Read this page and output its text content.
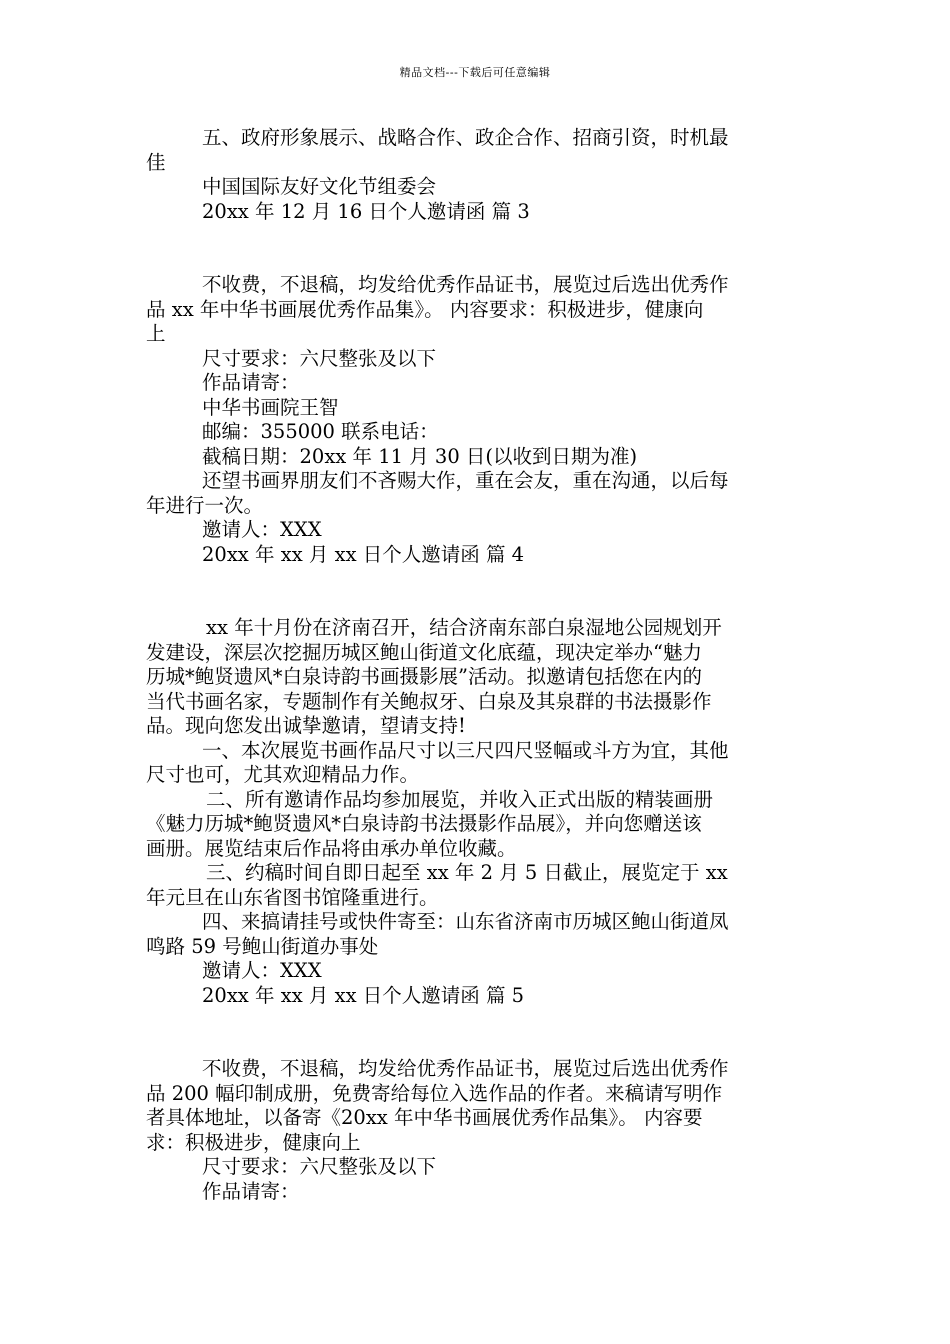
精品文档---下载后可任意编辑
五、政府形象展示、战略合作、政企合作、招商引资，时机最
佳
中国国际友好文化节组委会
20xx 年 12 月 16 日个人邀请函 篇 3
不收费，不退稿，均发给优秀作品证书，展览过后选出优秀作
品 xx 年中华书画展优秀作品集》。 内容要求：积极进步，健康向
上
尺寸要求：六尺整张及以下
作品请寄：
中华书画院王智
邮编：355000 联系电话：
截稿日期：20xx 年 11 月 30 日(以收到日期为准)
还望书画界朋友们不吝赐大作，重在会友，重在沟通，以后每
年进行一次。
邀请人：XXX
20xx 年 xx 月 xx 日个人邀请函 篇 4
xx 年十月份在济南召开，结合济南东部白泉湿地公园规划开
发建设，深层次挖掘历城区鲍山街道文化底蕴，现决定举办“魅力
历城*鲍贤遗风*白泉诗韵书画摄影展”活动。拟邀请包括您在内的
当代书画名家，专题制作有关鲍叔牙、白泉及其泉群的书法摄影作
品。现向您发出诚挚邀请，望请支持!
一、本次展览书画作品尺寸以三尺四尺竖幅或斗方为宜，其他
尺寸也可，尤其欢迎精品力作。
二、所有邀请作品均参加展览，并收入正式出版的精装画册
《魅力历城*鲍贤遗风*白泉诗韵书法摄影作品展》，并向您赠送该
画册。展览结束后作品将由承办单位收藏。
三、约稿时间自即日起至 xx 年 2 月 5 日截止，展览定于 xx
年元旦在山东省图书馆隆重进行。
四、来搞请挂号或快件寄至：山东省济南市历城区鲍山街道凤
鸣路 59 号鲍山街道办事处
邀请人：XXX
20xx 年 xx 月 xx 日个人邀请函 篇 5
不收费，不退稿，均发给优秀作品证书，展览过后选出优秀作
品 200 幅印制成册，免费寄给每位入选作品的作者。来稿请写明作
者具体地址，以备寄《20xx 年中华书画展优秀作品集》。 内容要
求：积极进步，健康向上
尺寸要求：六尺整张及以下
作品请寄：
